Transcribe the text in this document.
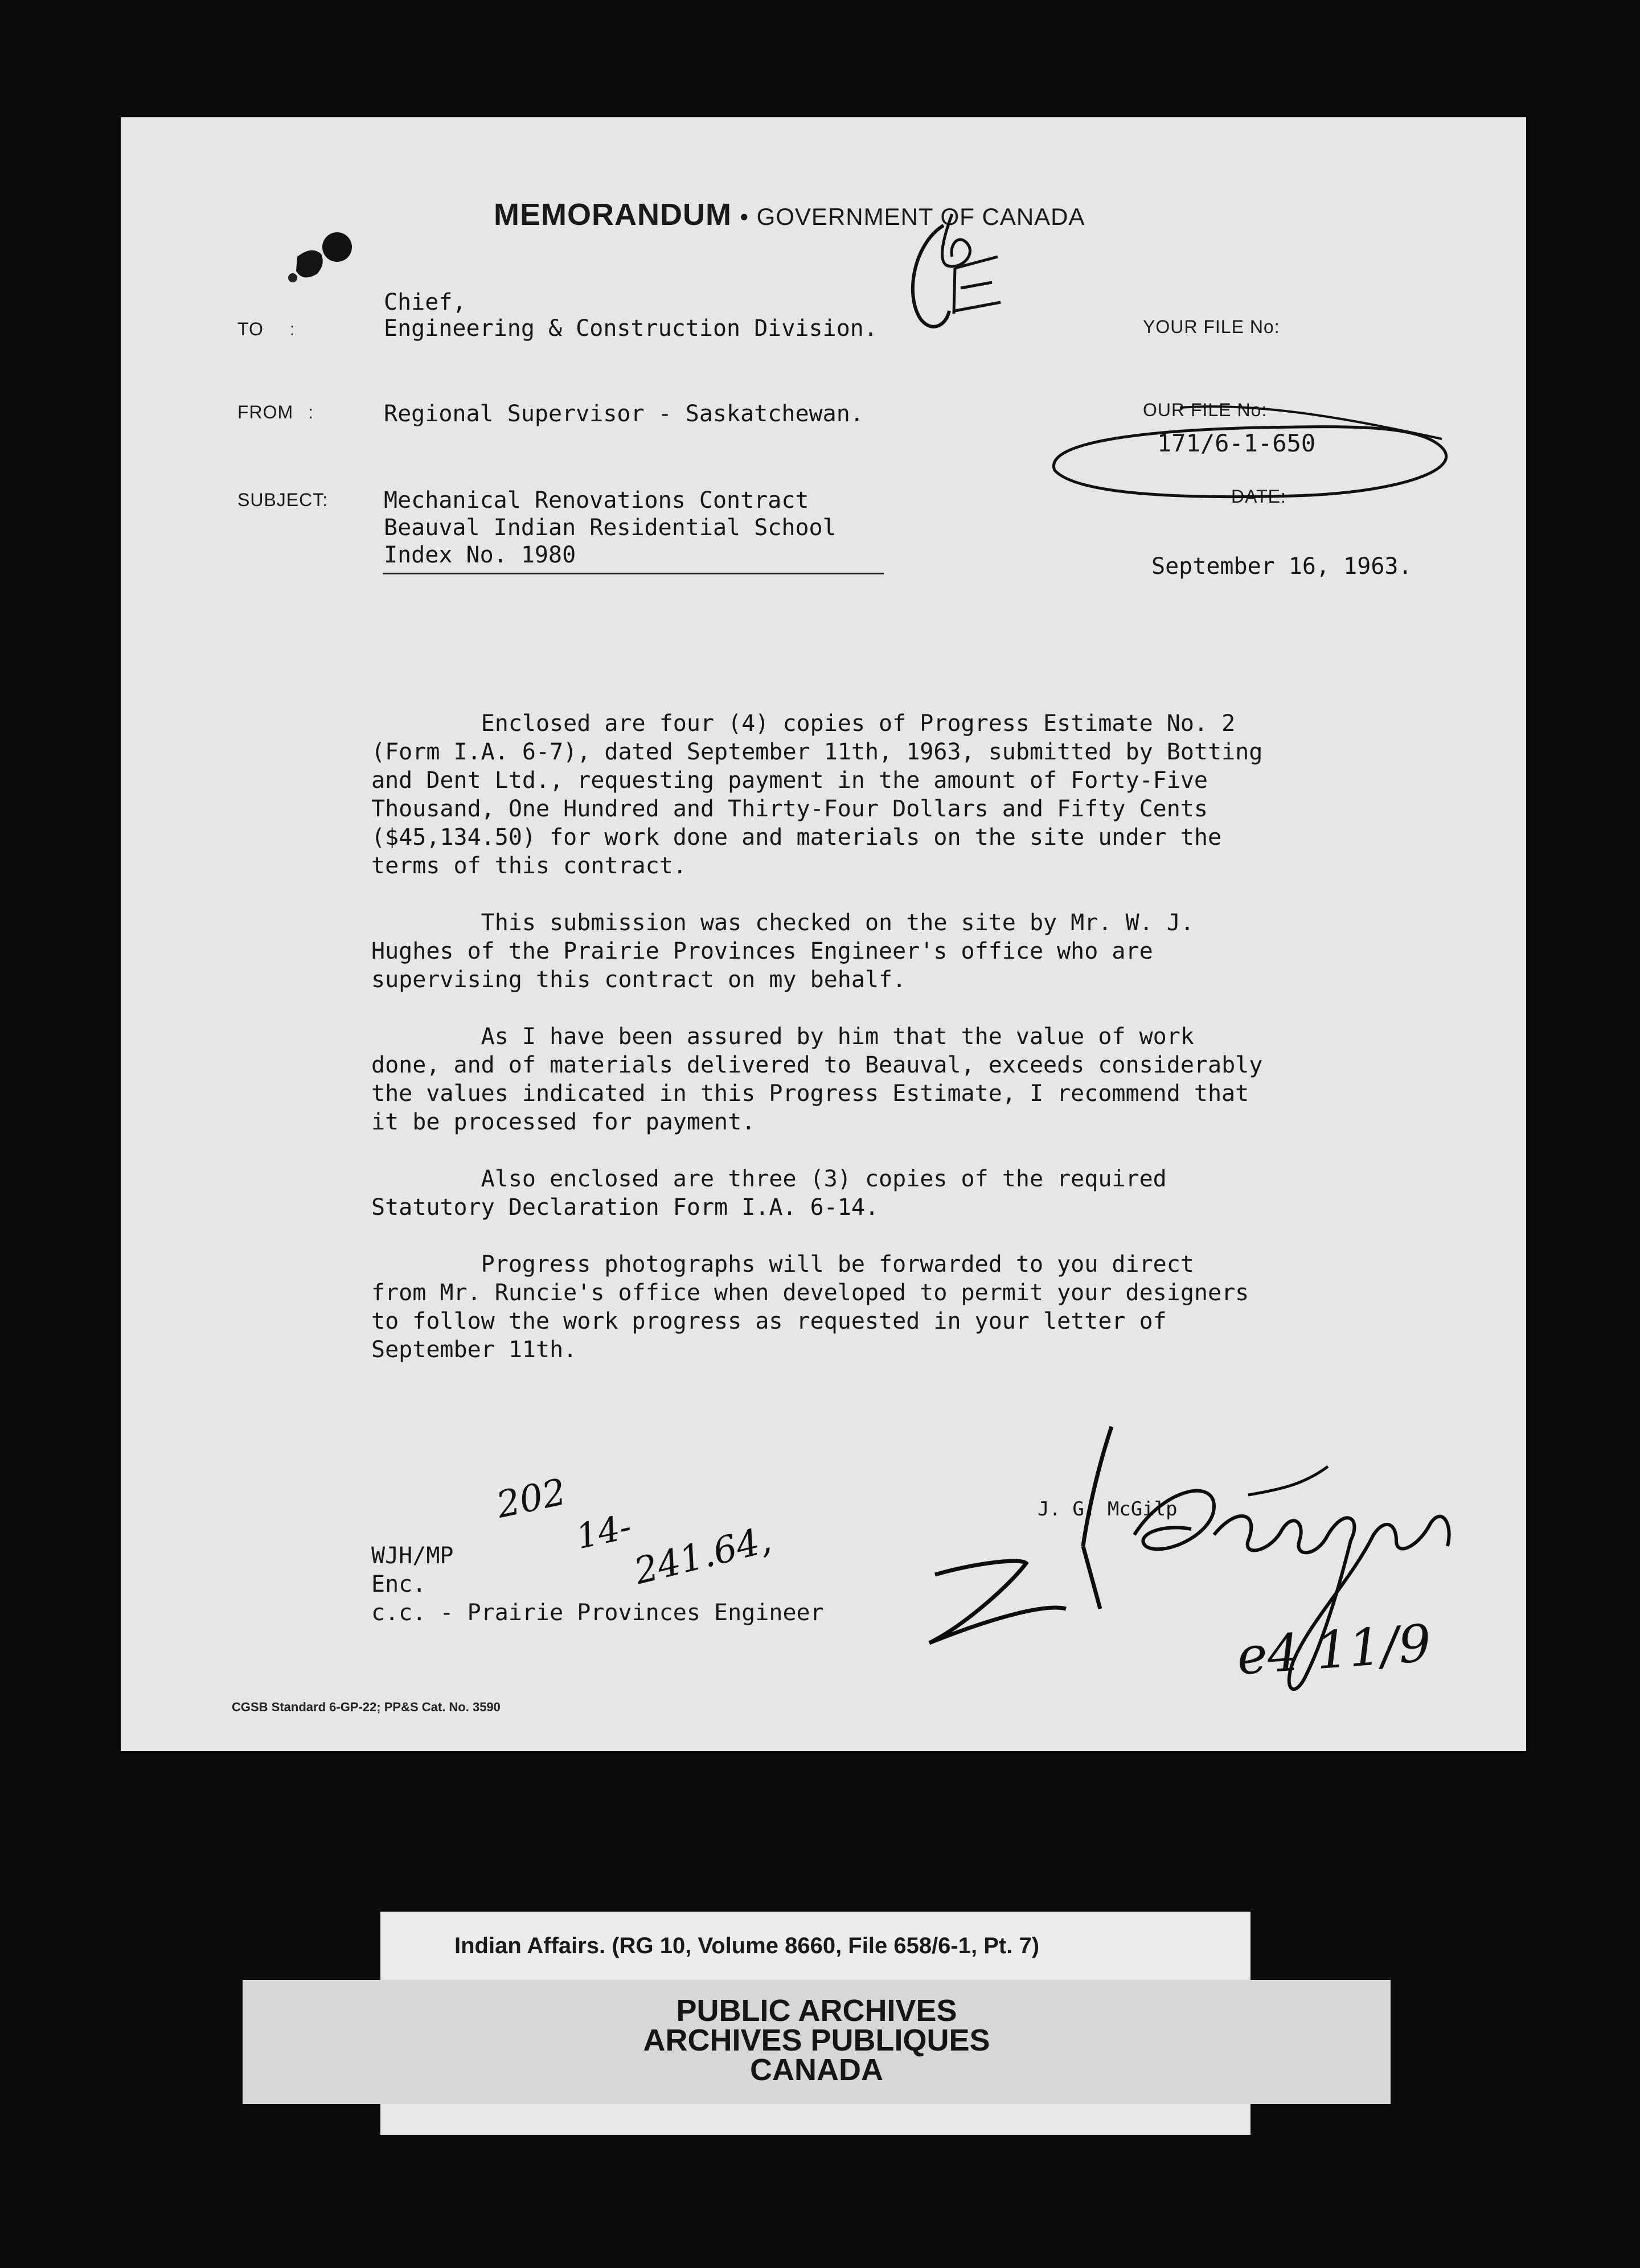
MEMORANDUM • GOVERNMENT OF CANADA
TO :
FROM :
SUBJECT:
Chief,
Engineering & Construction Division.
Regional Supervisor - Saskatchewan.
Mechanical Renovations Contract
Beauval Indian Residential School
Index No. 1980
YOUR FILE No:
OUR FILE No:
171/6-1-650
DATE:
September 16, 1963.

Enclosed are four (4) copies of Progress Estimate No. 2
(Form I.A. 6-7), dated September 11th, 1963, submitted by Botting
and Dent Ltd., requesting payment in the amount of Forty-Five
Thousand, One Hundred and Thirty-Four Dollars and Fifty Cents
($45,134.50) for work done and materials on the site under the
terms of this contract.

This submission was checked on the site by Mr. W. J.
Hughes of the Prairie Provinces Engineer's office who are
supervising this contract on my behalf.

As I have been assured by him that the value of work
done, and of materials delivered to Beauval, exceeds considerably
the values indicated in this Progress Estimate, I recommend that
it be processed for payment.

Also enclosed are three (3) copies of the required
Statutory Declaration Form I.A. 6-14.

Progress photographs will be forwarded to you direct
from Mr. Runcie's office when developed to permit your designers
to follow the work progress as requested in your letter of
September 11th.

J. G. McGilp
202
14-
241.64,
WJH/MP
Enc.
c.c. - Prairie Provinces Engineer
e4 11/9
CGSB Standard 6-GP-22; PP&S Cat. No. 3590
Indian Affairs. (RG 10, Volume 8660, File 658/6-1, Pt. 7)
PUBLIC ARCHIVES
ARCHIVES PUBLIQUES
CANADA
